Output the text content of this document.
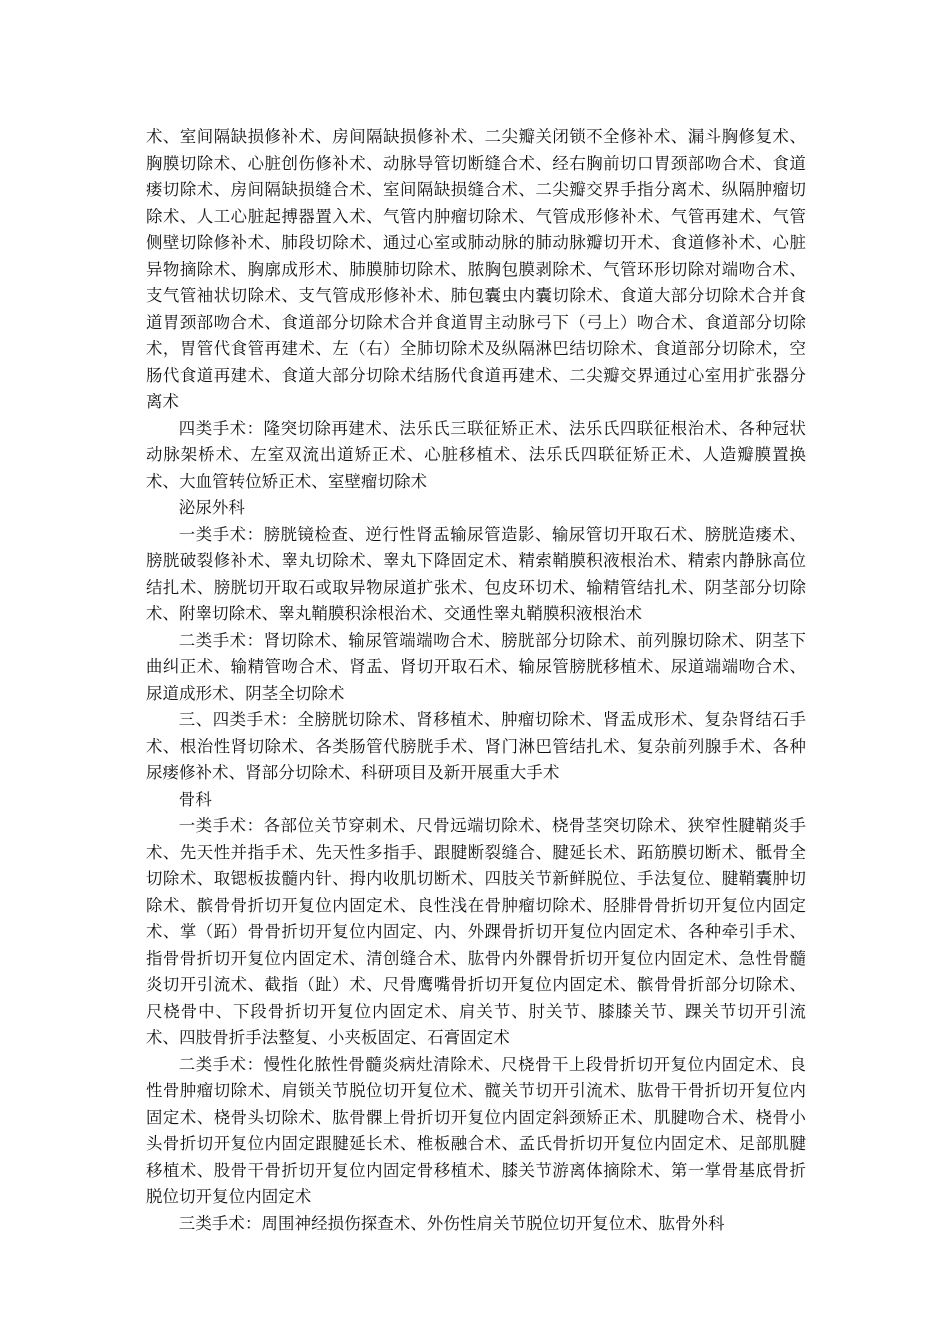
术、室间隔缺损修补术、房间隔缺损修补术、二尖瓣关闭锁不全修补术、漏斗胸修复术、胸膜切除术、心脏创伤修补术、动脉导管切断缝合术、经右胸前切口胃颈部吻合术、食道瘘切除术、房间隔缺损缝合术、室间隔缺损缝合术、二尖瓣交界手指分离术、纵隔肿瘤切除术、人工心脏起搏器置入术、气管内肿瘤切除术、气管成形修补术、气管再建术、气管侧壁切除修补术、肺段切除术、通过心室或肺动脉的肺动脉瓣切开术、食道修补术、心脏异物摘除术、胸廓成形术、肺膜肺切除术、脓胸包膜剥除术、气管环形切除对端吻合术、支气管袖状切除术、支气管成形修补术、肺包囊虫内囊切除术、食道大部分切除术合并食道胃颈部吻合术、食道部分切除术合并食道胃主动脉弓下（弓上）吻合术、食道部分切除术，胃管代食管再建术、左（右）全肺切除术及纵隔淋巴结切除术、食道部分切除术，空肠代食道再建术、食道大部分切除术结肠代食道再建术、二尖瓣交界通过心室用扩张器分离术

四类手术：隆突切除再建术、法乐氏三联征矫正术、法乐氏四联征根治术、各种冠状动脉架桥术、左室双流出道矫正术、心脏移植术、法乐氏四联征矫正术、人造瓣膜置换术、大血管转位矫正术、室壁瘤切除术

泌尿外科

一类手术：膀胱镜检查、逆行性肾盂输尿管造影、输尿管切开取石术、膀胱造瘘术、膀胱破裂修补术、睾丸切除术、睾丸下降固定术、精索鞘膜积液根治术、精索内静脉高位结扎术、膀胱切开取石或取异物尿道扩张术、包皮环切术、输精管结扎术、阴茎部分切除术、附睾切除术、睾丸鞘膜积涂根治术、交通性睾丸鞘膜积液根治术

二类手术：肾切除术、输尿管端端吻合术、膀胱部分切除术、前列腺切除术、阴茎下曲纠正术、输精管吻合术、肾盂、肾切开取石术、输尿管膀胱移植术、尿道端端吻合术、尿道成形术、阴茎全切除术

三、四类手术：全膀胱切除术、肾移植术、肿瘤切除术、肾盂成形术、复杂肾结石手术、根治性肾切除术、各类肠管代膀胱手术、肾门淋巴管结扎术、复杂前列腺手术、各种尿瘘修补术、肾部分切除术、科研项目及新开展重大手术

骨科

一类手术：各部位关节穿刺术、尺骨远端切除术、桡骨茎突切除术、狭窄性腱鞘炎手术、先天性并指手术、先天性多指手、跟腱断裂缝合、腱延长术、跖筋膜切断术、骶骨全切除术、取锶板拔髓内针、拇内收肌切断术、四肢关节新鲜脱位、手法复位、腱鞘囊肿切除术、髌骨骨折切开复位内固定术、良性浅在骨肿瘤切除术、胫腓骨骨折切开复位内固定术、掌（跖）骨骨折切开复位内固定、内、外踝骨折切开复位内固定术、各种牵引手术、指骨骨折切开复位内固定术、清创缝合术、肱骨内外髁骨折切开复位内固定术、急性骨髓炎切开引流术、截指（趾）术、尺骨鹰嘴骨折切开复位内固定术、髌骨骨折部分切除术、尺桡骨中、下段骨折切开复位内固定术、肩关节、肘关节、膝膝关节、踝关节切开引流术、四肢骨折手法整复、小夹板固定、石膏固定术

二类手术：慢性化脓性骨髓炎病灶清除术、尺桡骨干上段骨折切开复位内固定术、良性骨肿瘤切除术、肩锁关节脱位切开复位术、髋关节切开引流术、肱骨干骨折切开复位内固定术、桡骨头切除术、肱骨髁上骨折切开复位内固定斜颈矫正术、肌腱吻合术、桡骨小头骨折切开复位内固定跟腱延长术、椎板融合术、孟氏骨折切开复位内固定术、足部肌腱移植术、股骨干骨折切开复位内固定骨移植术、膝关节游离体摘除术、第一掌骨基底骨折脱位切开复位内固定术

三类手术：周围神经损伤探查术、外伤性肩关节脱位切开复位术、肱骨外科
